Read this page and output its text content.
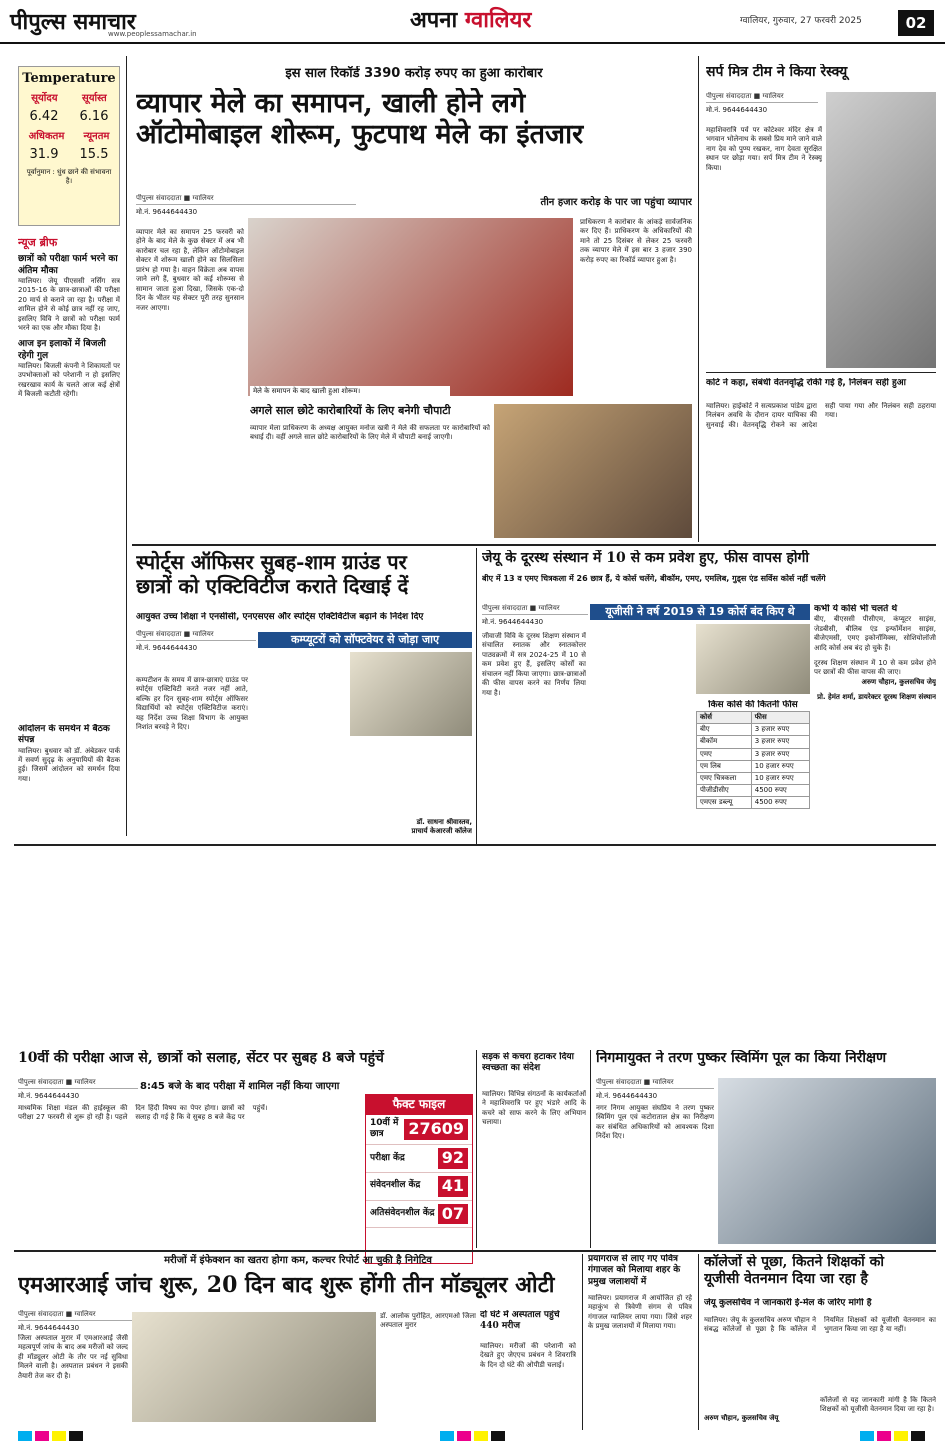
पीपुल्स समाचार
www.peoplessamachar.in
अपना ग्वालियर	ग्वालियर, गुरुवार, 27 फरवरी 2025	02
Temperature
सूर्योदय सूर्यास्त
6.42 6.16
अधिकतम न्यूनतम
31.9 15.5
पूर्वानुमान : धुंध छाने की संभावना है।
न्यूज ब्रीफ
छात्रों को परीक्षा फार्म भरने का अंतिम मौका
ग्वालियर। जेयू पीएससी नर्सिंग सत्र 2015-16 के छात्र-छात्राओं की परीक्षा 20 मार्च से कराने जा रहा है। परीक्षा में शामिल होने से कोई छात्र नहीं रह जाए, इसलिए विवि ने छात्रों को परीक्षा फार्म भरने का एक और मौका दिया है।
आज इन इलाकों में बिजली रहेगी गुल
ग्वालियर। बिजली कंपनी ने शिकायतों पर उपभोक्ताओं को परेशानी न हो इसलिए रखरखाव कार्य के चलते आज कई क्षेत्रों में बिजली कटौती रहेगी।
आंदोलन के समर्थन में बैठक संपन्न
ग्वालियर। बुधवार को डॉ. अंबेडकर पार्क में सवर्ण सुदृढ़ के अनुयायियों की बैठक हुई। जिसमें आंदोलन को समर्थन दिया गया।
इस साल रिकॉर्ड 3390 करोड़ रुपए का हुआ कारोबार
व्यापार मेले का समापन, खाली होने लगे
ऑटोमोबाइल शोरूम, फुटपाथ मेले का इंतजार
पीपुल्स संवाददाता ■ ग्वालियर
मो.नं. 9644644430
तीन हजार करोड़ के पार जा पहुंचा व्यापार
मेले के समापन के बाद खाली हुआ शोरूम।
व्यापार मेले का समापन 25 फरवरी को होने के बाद मेले के कुछ सेक्टर में अब भी कारोबार चल रहा है, लेकिन ऑटोमोबाइल सेक्टर में शोरूम खाली होने का सिलसिला प्रारंभ हो गया है। वाहन विक्रेता अब वापस जाने लगे हैं, बुधवार को कई शोरूम्स से सामान जाता हुआ दिखा, जिसके एक-दो दिन के भीतर यह सेक्टर पूरी तरह सुनसान नजर आएगा।
प्राधिकरण ने कारोबार के आंकड़े सार्वजनिक कर दिए हैं। प्राधिकरण के अधिकारियों की माने तो 25 दिसंबर से लेकर 25 फरवरी तक व्यापार मेले में इस बार 3 हजार 390 करोड़ रुपए का रिकॉर्ड व्यापार हुआ है।
अगले साल छोटे कारोबारियों के लिए बनेगी चौपाटी
व्यापार मेला प्राधिकरण के अध्यक्ष आयुक्त मनोज खत्री ने मेले की सफलता पर कारोबारियों को बधाई दी। वहीं अगले साल छोटे कारोबारियों के लिए मेले में चौपाटी बनाई जाएगी।
सर्प मित्र टीम ने किया रेस्क्यू
पीपुल्स संवाददाता ■ ग्वालियर
मो.नं. 9644644430
महाशिवरात्रि पर्व पर कोटेश्वर मंदिर क्षेत्र में भगवान भोलेनाथ के सबसे प्रिय माने जाने वाले नाग देव को पुण्य रखकर, नाग देवता सुरक्षित स्थान पर छोड़ा गया। सर्प मित्र टीम ने रेस्क्यू किया।
कोर्ट ने कहा, संबंधी वेतनवृद्धि रोकी गई है, निलंबन सही हुआ
ग्वालियर। हाईकोर्ट ने सत्यप्रकाश पांडेय द्वारा निलंबन अवधि के दौरान दायर याचिका की सुनवाई की। वेतनवृद्धि रोकने का आदेश सही पाया गया और निलंबन सही ठहराया गया।
स्पोर्ट्स ऑफिसर सुबह-शाम ग्राउंड पर
छात्रों को एक्टिविटीज कराते दिखाई दें
आयुक्त उच्च शिक्षा ने एनसीसी, एनएसएस और स्पोर्ट्स एक्टिविटीज बढ़ाने के निर्देश दिए
पीपुल्स संवाददाता ■ ग्वालियर
मो.नं. 9644644430
कम्प्यूटरों को सॉफ्टवेयर से जोड़ा जाए
कम्पटीशन के समय में छात्र-छात्राएं ग्राउंड पर स्पोर्ट्स एक्टिविटी करते नजर नहीं आते, बल्कि हर दिन सुबह-शाम स्पोर्ट्स ऑफिसर विद्यार्थियों को स्पोर्ट्स एक्टिविटीज कराएं। यह निर्देश उच्च शिक्षा विभाग के आयुक्त निशांत बरवड़े ने दिए।
डॉ. साधना श्रीवास्तव, प्राचार्य केआरजी कॉलेज
जेयू के दूरस्थ संस्थान में 10 से कम प्रवेश हुए, फीस वापस होगी
बीए में 13 व एमए चित्रकला में 26 छात्र हैं, ये कोर्स चलेंगे, बीकॉम, एमए, एमलिब, गुड्स एंड सर्विस कोर्स नहीं चलेंगे
पीपुल्स संवाददाता ■ ग्वालियर
मो.नं. 9644644430
यूजीसी ने वर्ष 2019 से 19 कोर्स बंद किए थे
जीवाजी विवि के दूरस्थ शिक्षण संस्थान में संचालित स्नातक और स्नातकोत्तर पाठ्यक्रमों में सत्र 2024-25 में 10 से कम प्रवेश हुए हैं, इसलिए कोर्सों का संचालन नहीं किया जाएगा। छात्र-छात्राओं की फीस वापस करने का निर्णय लिया गया है।
किस कोर्स की कितनी फीस
कोर्स	फीस
बीए	3 हजार रुपए
बीकॉम	3 हजार रुपए
एमए	3 हजार रुपए
एम लिब	10 हजार रुपए
एमए चित्रकला	10 हजार रुपए
पीजीडीसीए	4500 रुपए
एमएस डब्ल्यू	4500 रुपए
कभी ये कोर्स भी चलते थे
बीए, बीएससी पीसीएम, कंप्यूटर साइंस, जेडबीसी, बीलिब एंड इन्फॉर्मेशन साइंस, बीजेएमसी, एमए इकोनॉमिक्स, सोशियोलॉजी आदि कोर्स अब बंद हो चुके हैं।
दूरस्थ शिक्षण संस्थान में 10 से कम प्रवेश होने पर छात्रों की फीस वापस की जाए।
अरुण चौहान, कुलसचिव जेयू
प्रो. हेमंत शर्मा, डायरेक्टर दूरस्थ शिक्षण संस्थान
10वीं की परीक्षा आज से, छात्रों को सलाह, सेंटर पर सुबह 8 बजे पहुंचें
पीपुल्स संवाददाता ■ ग्वालियर
मो.नं. 9644644430
8:45 बजे के बाद परीक्षा में शामिल नहीं किया जाएगा
माध्यमिक शिक्षा मंडल की हाईस्कूल की परीक्षा 27 फरवरी से शुरू हो रही है। पहले दिन हिंदी विषय का पेपर होगा। छात्रों को सलाह दी गई है कि वे सुबह 8 बजे केंद्र पर पहुंचें।	फैक्ट फाइल
10वीं में छात्र	27609
परीक्षा केंद्र 92
संवेदनशील केंद्र 41
अतिसंवेदनशील केंद्र 07
सड़क से कचरा हटाकर दिया स्वच्छता का संदेश
ग्वालियर। विभिन्न संगठनों के कार्यकर्ताओं ने महाशिवरात्रि पर हुए भंडारे आदि के कचरे को साफ करने के लिए अभियान चलाया।
निगमायुक्त ने तरण पुष्कर स्विमिंग पूल का किया निरीक्षण
पीपुल्स संवाददाता ■ ग्वालियर
मो.नं. 9644644430
नगर निगम आयुक्त संघप्रिय ने तरण पुष्कर स्विमिंग पूल एवं कटोराताल क्षेत्र का निरीक्षण कर संबंधित अधिकारियों को आवश्यक दिशा निर्देश दिए।
मरीजों में इंफेक्शन का खतरा होगा कम, कल्चर रिपोर्ट आ चुकी है निगेटिव
एमआरआई जांच शुरू, 20 दिन बाद शुरू होंगी तीन मॉड्यूलर ओटी
पीपुल्स संवाददाता ■ ग्वालियर
मो.नं. 9644644430
जिला अस्पताल मुरार में एमआरआई जैसी महत्वपूर्ण जांच के बाद अब मरीजों को जल्द ही मॉड्यूलर ओटी के तौर पर नई सुविधा मिलने वाली है। अस्पताल प्रबंधन ने इसकी तैयारी तेज कर दी है।
डॉ. आलोक पुरोहित, आरएमओ जिला अस्पताल मुरार
दो घंटे में अस्पताल पहुंचे 440 मरीज
ग्वालियर। मरीजों की परेशानी को देखते हुए जेएएच प्रबंधन ने शिवरात्रि के दिन दो घंटे की ओपीडी चलाई।
प्रयागराज से लाए गए पवित्र गंगाजल को मिलाया शहर के प्रमुख जलाशयों में
ग्वालियर। प्रयागराज में आयोजित हो रहे महाकुंभ से त्रिवेणी संगम से पवित्र गंगाजल ग्वालियर लाया गया। जिसे शहर के प्रमुख जलाशयों में मिलाया गया।
कॉलेजों से पूछा, कितने शिक्षकों को
यूजीसी वेतनमान दिया जा रहा है
जेयू कुलसचिव ने जानकारी ई-मेल के जरिए मांगी है
ग्वालियर। जेयू के कुलसचिव अरुण चौहान ने संबद्ध कॉलेजों से पूछा है कि कॉलेज में नियमित शिक्षकों को यूजीसी वेतनमान का भुगतान किया जा रहा है या नहीं।
कॉलेजों से यह जानकारी मांगी है कि कितने शिक्षकों को यूजीसी वेतनमान दिया जा रहा है।
अरुण चौहान, कुलसचिव जेयू
